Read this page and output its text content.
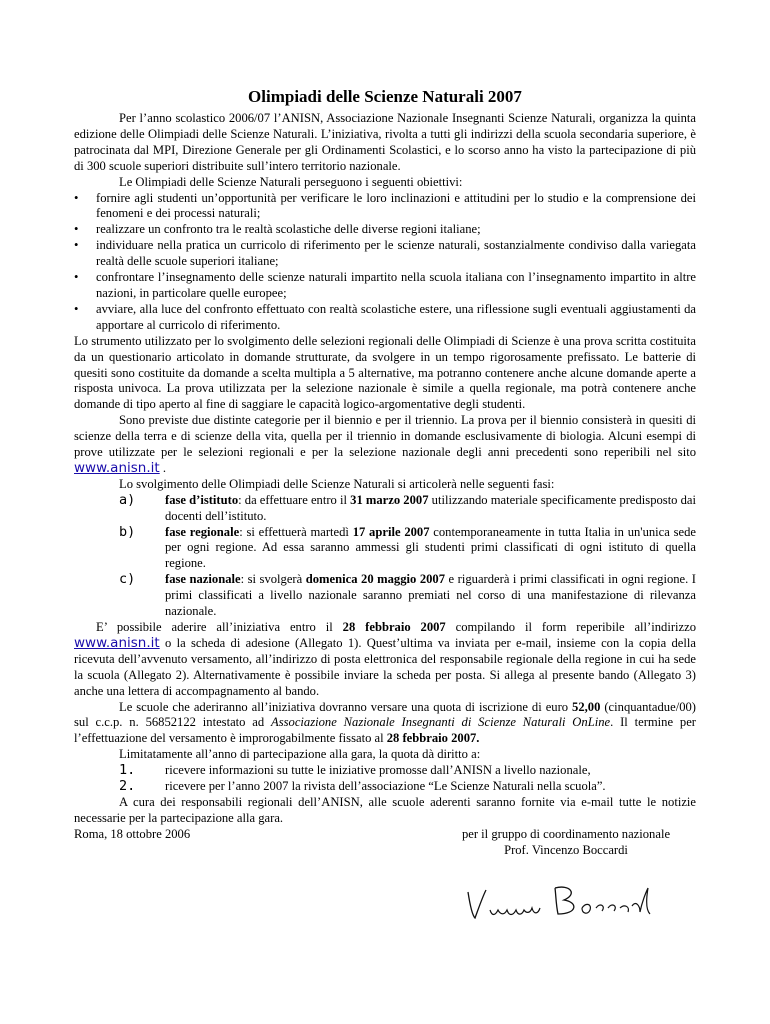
Olimpiadi delle Scienze Naturali 2007

Per l’anno scolastico 2006/07 l’ANISN, Associazione Nazionale Insegnanti Scienze Naturali, organizza la quinta edizione delle Olimpiadi delle Scienze Naturali. L’iniziativa, rivolta a tutti gli indirizzi della scuola secondaria superiore, è patrocinata dal MPI, Direzione Generale per gli Ordinamenti Scolastici, e lo scorso anno ha visto la partecipazione di più di 300 scuole superiori distribuite sull’intero territorio nazionale.

Le Olimpiadi delle Scienze Naturali perseguono i seguenti obiettivi:

•	fornire agli studenti un’opportunità per verificare le loro inclinazioni e attitudini per lo studio e la comprensione dei fenomeni e dei processi naturali;
•	realizzare un confronto tra le realtà scolastiche delle diverse regioni italiane;
•	individuare nella pratica un curricolo di riferimento per le scienze naturali, sostanzialmente condiviso dalla variegata realtà delle scuole superiori italiane;
•	confrontare l’insegnamento delle scienze naturali impartito nella scuola italiana con l’insegnamento impartito in altre nazioni, in particolare quelle europee;
•	avviare, alla luce del confronto effettuato con realtà scolastiche estere, una riflessione sugli eventuali aggiustamenti da apportare al curricolo di riferimento.

Lo strumento utilizzato per lo svolgimento delle selezioni regionali delle Olimpiadi di Scienze è una prova scritta costituita da un questionario articolato in domande strutturate, da svolgere in un tempo rigorosamente prefissato. Le batterie di quesiti sono costituite da domande a scelta multipla a 5 alternative, ma potranno contenere anche alcune domande aperte a risposta univoca. La prova utilizzata per la selezione nazionale è simile a quella regionale, ma potrà contenere anche domande di tipo aperto al fine di saggiare le capacità logico-argomentative degli studenti.

Sono previste due distinte categorie per il biennio e per il triennio. La prova per il biennio consisterà in quesiti di scienze della terra e di scienze della vita, quella per il triennio in domande esclusivamente di biologia. Alcuni esempi di prove utilizzate per le selezioni regionali e per la selezione nazionale degli anni precedenti sono reperibili nel sito www.anisn.it .

Lo svolgimento delle Olimpiadi delle Scienze Naturali si articolerà nelle seguenti fasi:

a)	fase d’istituto: da effettuare entro il 31 marzo 2007 utilizzando materiale specificamente predisposto dai docenti dell’istituto.
b)	fase regionale: si effettuerà martedì 17 aprile 2007 contemporaneamente in tutta Italia in un'unica sede per ogni regione. Ad essa saranno ammessi gli studenti primi classificati di ogni istituto di quella regione.
c)	fase nazionale: si svolgerà domenica 20 maggio 2007 e riguarderà i primi classificati in ogni regione. I primi classificati a livello nazionale saranno premiati nel corso di una manifestazione di rilevanza nazionale.

E’ possibile aderire all’iniziativa entro il 28 febbraio 2007 compilando il form reperibile all’indirizzo www.anisn.it o la scheda di adesione (Allegato 1). Quest’ultima va inviata per e-mail, insieme con la copia della ricevuta dell’avvenuto versamento, all’indirizzo di posta elettronica del responsabile regionale della regione in cui ha sede la scuola (Allegato 2). Alternativamente è possibile inviare la scheda per posta. Si allega al presente bando (Allegato 3) anche una lettera di accompagnamento al bando.

Le scuole che aderiranno all’iniziativa dovranno versare una quota di iscrizione di euro 52,00 (cinquantadue/00) sul c.c.p. n. 56852122 intestato ad Associazione Nazionale Insegnanti di Scienze Naturali OnLine. Il termine per l’effettuazione del versamento è improrogabilmente fissato al 28 febbraio 2007.

Limitatamente all’anno di partecipazione alla gara, la quota dà diritto a:

1.	ricevere informazioni su tutte le iniziative promosse dall’ANISN a livello nazionale,
2.	ricevere per l’anno 2007 la rivista dell’associazione “Le Scienze Naturali nella scuola”.

A cura dei responsabili regionali dell’ANISN, alle scuole aderenti saranno fornite via e-mail tutte le notizie necessarie per la partecipazione alla gara.

Roma, 18 ottobre 2006	per il gruppo di coordinamento nazionale
Prof. Vincenzo Boccardi
